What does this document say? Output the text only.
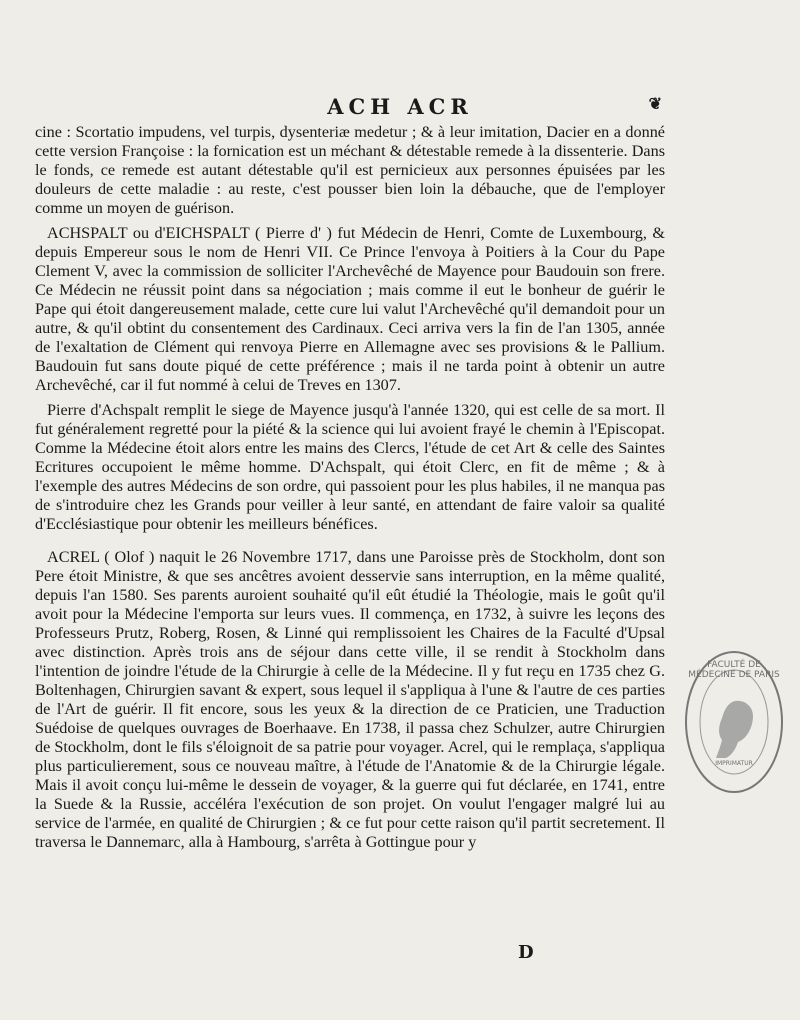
ACH ACR	❦

cine : Scortatio impudens, vel turpis, dysenteriæ medetur ; & à leur imitation, Dacier en a donné cette version Françoise : la fornication est un méchant & détestable remede à la dissenterie. Dans le fonds, ce remede est autant détestable qu'il est pernicieux aux personnes épuisées par les douleurs de cette maladie : au reste, c'est pousser bien loin la débauche, que de l'employer comme un moyen de guérison.

ACHSPALT ou d'EICHSPALT ( Pierre d' ) fut Médecin de Henri, Comte de Luxembourg, & depuis Empereur sous le nom de Henri VII. Ce Prince l'envoya à Poitiers à la Cour du Pape Clement V, avec la commission de solliciter l'Archevêché de Mayence pour Baudouin son frere. Ce Médecin ne réussit point dans sa négociation ; mais comme il eut le bonheur de guérir le Pape qui étoit dangereusement malade, cette cure lui valut l'Archevêché qu'il demandoit pour un autre, & qu'il obtint du consentement des Cardinaux. Ceci arriva vers la fin de l'an 1305, année de l'exaltation de Clément qui renvoya Pierre en Allemagne avec ses provisions & le Pallium. Baudouin fut sans doute piqué de cette préférence ; mais il ne tarda point à obtenir un autre Archevêché, car il fut nommé à celui de Treves en 1307.

Pierre d'Achspalt remplit le siege de Mayence jusqu'à l'année 1320, qui est celle de sa mort. Il fut généralement regretté pour la piété & la science qui lui avoient frayé le chemin à l'Episcopat. Comme la Médecine étoit alors entre les mains des Clercs, l'étude de cet Art & celle des Saintes Ecritures occupoient le même homme. D'Achspalt, qui étoit Clerc, en fit de même ; & à l'exemple des autres Médecins de son ordre, qui passoient pour les plus habiles, il ne manqua pas de s'introduire chez les Grands pour veiller à leur santé, en attendant de faire valoir sa qualité d'Ecclésiastique pour obtenir les meilleurs bénéfices.

ACREL ( Olof ) naquit le 26 Novembre 1717, dans une Paroisse près de Stockholm, dont son Pere étoit Ministre, & que ses ancêtres avoient desservie sans interruption, en la même qualité, depuis l'an 1580. Ses parents auroient souhaité qu'il eût étudié la Théologie, mais le goût qu'il avoit pour la Médecine l'emporta sur leurs vues. Il commença, en 1732, à suivre les leçons des Professeurs Prutz, Roberg, Rosen, & Linné qui remplissoient les Chaires de la Faculté d'Upsal avec distinction. Après trois ans de séjour dans cette ville, il se rendit à Stockholm dans l'intention de joindre l'étude de la Chirurgie à celle de la Médecine. Il y fut reçu en 1735 chez G. Boltenhagen, Chirurgien savant & expert, sous lequel il s'appliqua à l'une & l'autre de ces parties de l'Art de guérir. Il fit encore, sous les yeux & la direction de ce Praticien, une Traduction Suédoise de quelques ouvrages de Boerhaave. En 1738, il passa chez Schulzer, autre Chirurgien de Stockholm, dont le fils s'éloignoit de sa patrie pour voyager. Acrel, qui le remplaça, s'appliqua plus particulierement, sous ce nouveau maître, à l'étude de l'Anatomie & de la Chirurgie légale. Mais il avoit conçu lui-même le dessein de voyager, & la guerre qui fut déclarée, en 1741, entre la Suede & la Russie, accéléra l'exécution de son projet. On voulut l'engager malgré lui au service de l'armée, en qualité de Chirurgien ; & ce fut pour cette raison qu'il partit secretement. Il traversa le Dannemarc, alla à Hambourg, s'arrêta à Gottingue pour y

D
FACULTÉ DE MÉDECINE DE PARIS
IMPRIMATUR
